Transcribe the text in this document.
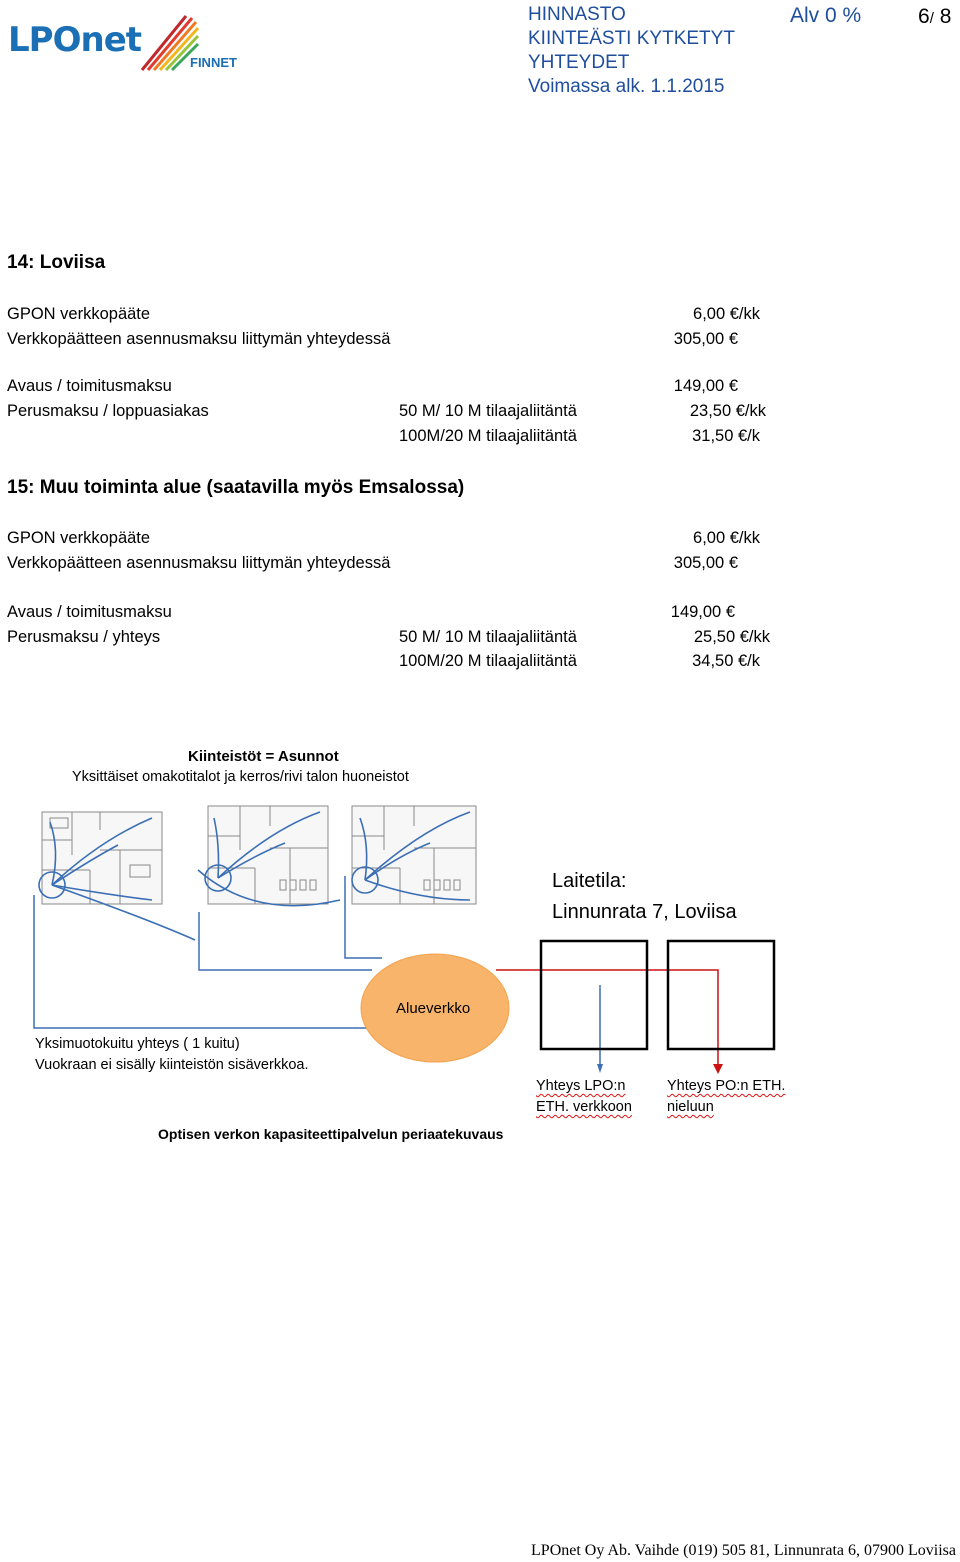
LPOnet
FINNET
HINNASTO
KIINTEÄSTI KYTKETYT
YHTEYDET
Voimassa alk. 1.1.2015
Alv 0 %	6/ 8
14: Loviisa
GPON verkkopääte	6,00 €/kk
Verkkopäätteen asennusmaksu liittymän yhteydessä	305,00 €
Avaus / toimitusmaksu	149,00 €
Perusmaksu / loppuasiakas	50 M/ 10 M tilaajaliitäntä	23,50 €/kk
100M/20 M tilaajaliitäntä	31,50 €/k
15: Muu toiminta alue (saatavilla myös Emsalossa)
GPON verkkopääte	6,00 €/kk
Verkkopäätteen asennusmaksu liittymän yhteydessä	305,00 €
Avaus / toimitusmaksu	149,00 €
Perusmaksu / yhteys	50 M/ 10 M tilaajaliitäntä	25,50 €/kk
100M/20 M tilaajaliitäntä	34,50 €/k
Kiinteistöt = Asunnot
Yksittäiset omakotitalot ja kerros/rivi talon huoneistot
Laitetila:
Linnunrata 7, Loviisa
Alueverkko
Yksimuotokuitu yhteys ( 1 kuitu)
Vuokraan ei sisälly kiinteistön sisäverkkoa.
Yhteys LPO:n
ETH. verkkoon
Yhteys PO:n ETH.
nieluun
Optisen verkon kapasiteettipalvelun periaatekuvaus
LPOnet Oy Ab. Vaihde (019) 505 81, Linnunrata 6, 07900 Loviisa
